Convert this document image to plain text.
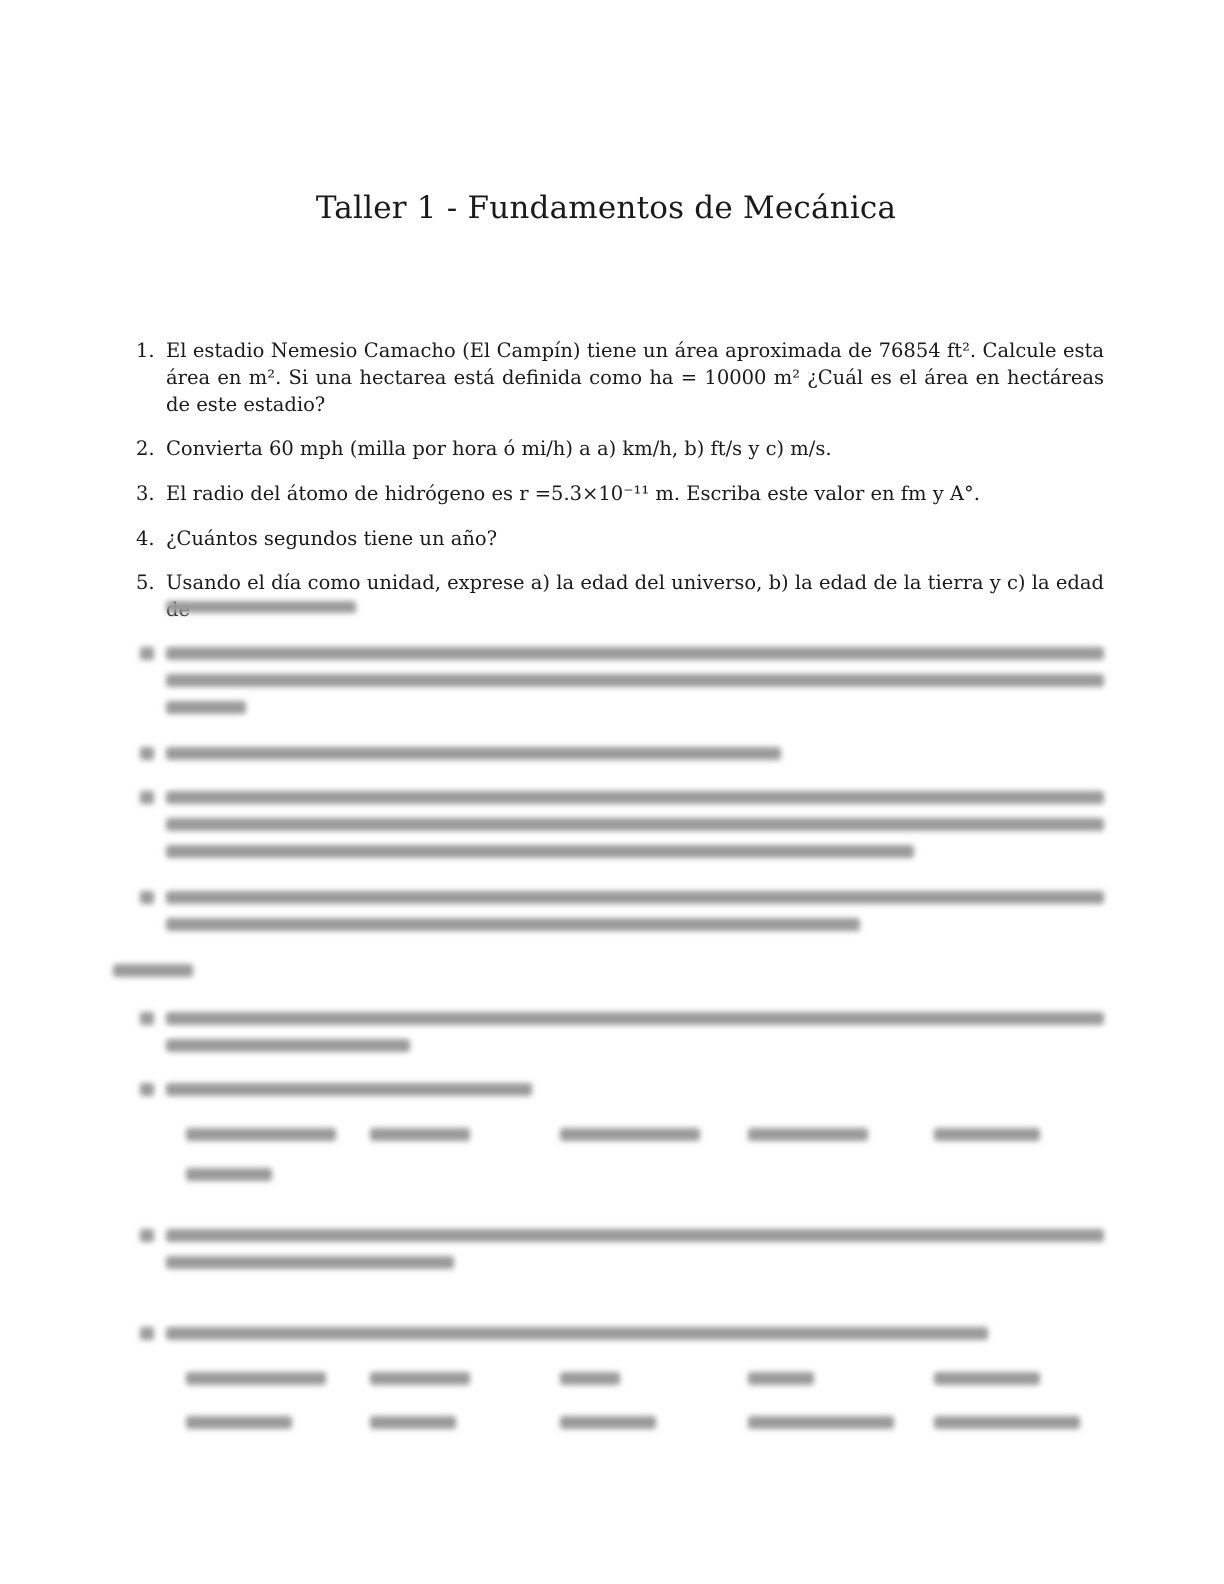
Taller 1 - Fundamentos de Mecánica
1. El estadio Nemesio Camacho (El Campín) tiene un área aproximada de 76854 ft². Calcule esta área en m². Si una hectarea está definida como ha = 10000 m² ¿Cuál es el área en hectáreas de este estadio?
2. Convierta 60 mph (milla por hora ó mi/h) a a) km/h, b) ft/s y c) m/s.
3. El radio del átomo de hidrógeno es r =5.3×10⁻¹¹ m. Escriba este valor en fm y A°.
4. ¿Cuántos segundos tiene un año?
5. Usando el día como unidad, exprese a) la edad del universo, b) la edad de la tierra y c) la edad
